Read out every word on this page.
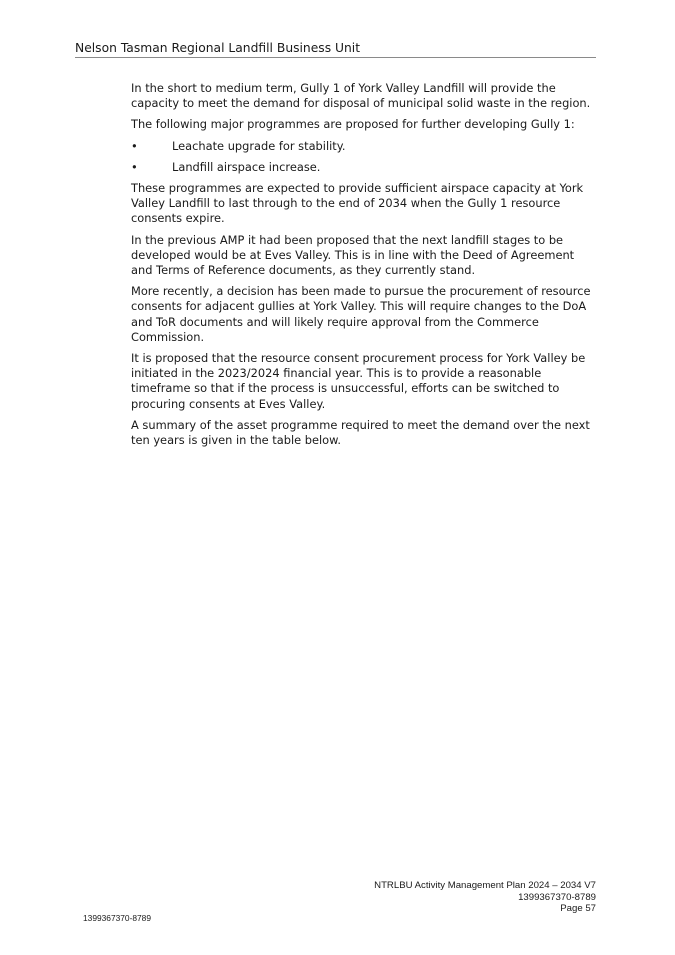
Nelson Tasman Regional Landfill Business Unit

In the short to medium term, Gully 1 of York Valley Landfill will provide the capacity to meet the demand for disposal of municipal solid waste in the region.

The following major programmes are proposed for further developing Gully 1:

•	Leachate upgrade for stability.
•	Landfill airspace increase.

These programmes are expected to provide sufficient airspace capacity at York Valley Landfill to last through to the end of 2034 when the Gully 1 resource consents expire.

In the previous AMP it had been proposed that the next landfill stages to be developed would be at Eves Valley. This is in line with the Deed of Agreement and Terms of Reference documents, as they currently stand.

More recently, a decision has been made to pursue the procurement of resource consents for adjacent gullies at York Valley. This will require changes to the DoA and ToR documents and will likely require approval from the Commerce Commission.

It is proposed that the resource consent procurement process for York Valley be initiated in the 2023/2024 financial year. This is to provide a reasonable timeframe so that if the process is unsuccessful, efforts can be switched to procuring consents at Eves Valley.

A summary of the asset programme required to meet the demand over the next ten years is given in the table below.

NTRLBU Activity Management Plan 2024 – 2034 V7
1399367370-8789
Page 57
1399367370-8789
